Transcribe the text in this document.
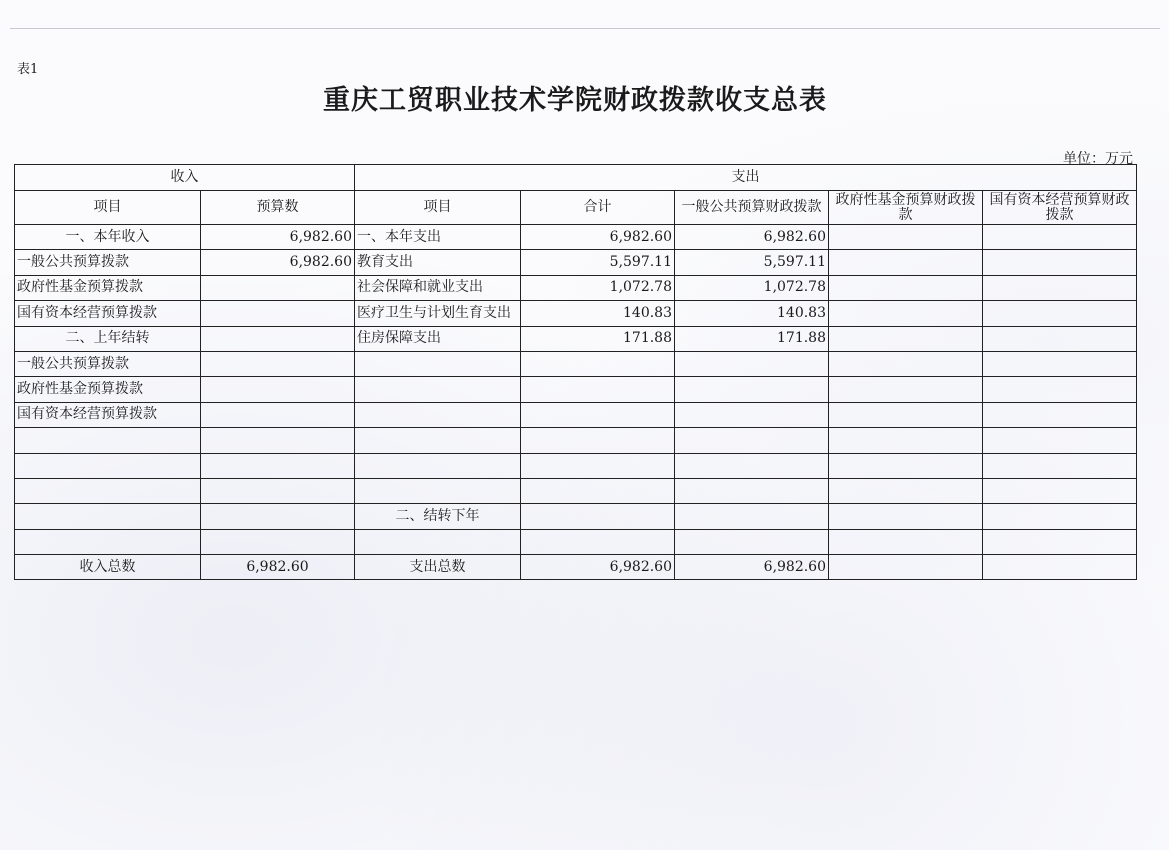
表1
重庆工贸职业技术学院财政拨款收支总表
单位：万元
收入		支出				
项目	预算数	项目	合计	一般公共预算财政拨款	政府性基金预算财政拨款	国有资本经营预算财政拨款
一、本年收入	6,982.60	一、本年支出	6,982.60	6,982.60		
一般公共预算拨款	6,982.60	教育支出	5,597.11	5,597.11		
政府性基金预算拨款		社会保障和就业支出	1,072.78	1,072.78		
国有资本经营预算拨款		医疗卫生与计划生育支出	140.83	140.83		
二、上年结转		住房保障支出	171.88	171.88		
一般公共预算拨款						
政府性基金预算拨款						
国有资本经营预算拨款						

		二、结转下年				

收入总数	6,982.60	支出总数	6,982.60	6,982.60		
